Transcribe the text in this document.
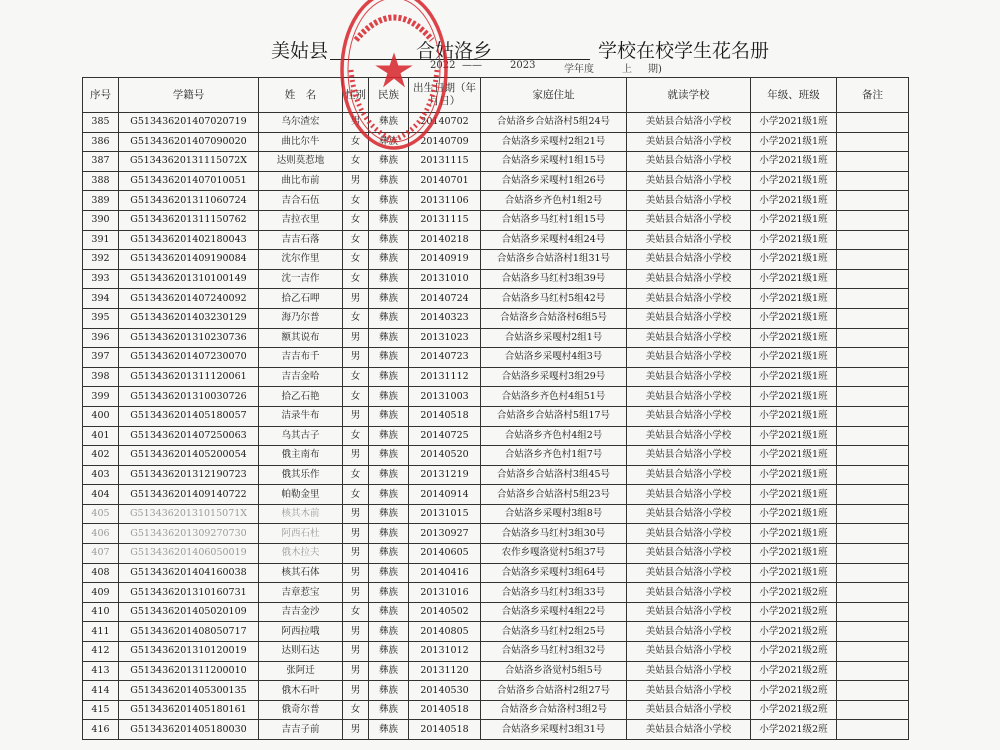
美姑县	合姑洛乡	学校在校学生花名册
2022 ——	2023	学年度	上 期)
序号	学籍号	姓　名	性别	民族	出生日期（年月日）	家庭住址	就读学校	年级、班级	备注
385	G513436201407020719	乌尔渣宏	男	彝族	20140702	合姑洛乡合姑洛村5组24号	美姑县合姑洛小学校	小学2021级1班	
386	G513436201407090020	曲比尔牛	女	彝族	20140709	合姑洛乡采嘎村2组21号	美姑县合姑洛小学校	小学2021级1班	
387	G51343620131115072X	达则莫惹地	女	彝族	20131115	合姑洛乡采嘎村1组15号	美姑县合姑洛小学校	小学2021级1班	
388	G513436201407010051	曲比布前	男	彝族	20140701	合姑洛乡采嘎村1组26号	美姑县合姑洛小学校	小学2021级1班	
389	G513436201311060724	吉合石伍	女	彝族	20131106	合姑洛乡齐色村1组2号	美姑县合姑洛小学校	小学2021级1班	
390	G513436201311150762	吉拉衣里	女	彝族	20131115	合姑洛乡马红村1组15号	美姑县合姑洛小学校	小学2021级1班	
391	G513436201402180043	吉吉石落	女	彝族	20140218	合姑洛乡采嘎村4组24号	美姑县合姑洛小学校	小学2021级1班	
392	G513436201409190084	沈尔作里	女	彝族	20140919	合姑洛乡合姑洛村1组31号	美姑县合姑洛小学校	小学2021级1班	
393	G513436201310100149	沈一吉作	女	彝族	20131010	合姑洛乡马红村3组39号	美姑县合姑洛小学校	小学2021级1班	
394	G513436201407240092	拾乙石呷	男	彝族	20140724	合姑洛乡马红村5组42号	美姑县合姑洛小学校	小学2021级1班	
395	G513436201403230129	海乃尔普	女	彝族	20140323	合姑洛乡合姑洛村6组5号	美姑县合姑洛小学校	小学2021级1班	
396	G513436201310230736	额其说布	男	彝族	20131023	合姑洛乡采嘎村2组1号	美姑县合姑洛小学校	小学2021级1班	
397	G513436201407230070	吉吉布千	男	彝族	20140723	合姑洛乡采嘎村4组3号	美姑县合姑洛小学校	小学2021级1班	
398	G513436201311120061	吉吉金哈	女	彝族	20131112	合姑洛乡采嘎村3组29号	美姑县合姑洛小学校	小学2021级1班	
399	G513436201310030726	拾乙石艳	女	彝族	20131003	合姑洛乡齐色村4组51号	美姑县合姑洛小学校	小学2021级1班	
400	G513436201405180057	洁录牛布	男	彝族	20140518	合姑洛乡合姑洛村5组17号	美姑县合姑洛小学校	小学2021级1班	
401	G513436201407250063	乌其古子	女	彝族	20140725	合姑洛乡齐色村4组2号	美姑县合姑洛小学校	小学2021级1班	
402	G513436201405200054	俄主南布	男	彝族	20140520	合姑洛乡齐色村1组7号	美姑县合姑洛小学校	小学2021级1班	
403	G513436201312190723	俄其乐作	女	彝族	20131219	合姑洛乡合姑洛村3组45号	美姑县合姑洛小学校	小学2021级1班	
404	G513436201409140722	帕勒金里	女	彝族	20140914	合姑洛乡合姑洛村5组23号	美姑县合姑洛小学校	小学2021级1班	
405	G51343620131015071X	核其木前	男	彝族	20131015	合姑洛乡采嘎村3组8号	美姑县合姑洛小学校	小学2021级1班	
406	G513436201309270730	阿西石杜	男	彝族	20130927	合姑洛乡马红村3组30号	美姑县合姑洛小学校	小学2021级1班	
407	G513436201406050019	俄木拉夫	男	彝族	20140605	农作乡嘎洛觉村5组37号	美姑县合姑洛小学校	小学2021级1班	
408	G513436201404160038	核其石体	男	彝族	20140416	合姑洛乡采嘎村3组64号	美姑县合姑洛小学校	小学2021级1班	
409	G513436201310160731	吉章惹宝	男	彝族	20131016	合姑洛乡马红村3组33号	美姑县合姑洛小学校	小学2021级2班	
410	G513436201405020109	吉吉金沙	女	彝族	20140502	合姑洛乡采嘎村4组22号	美姑县合姑洛小学校	小学2021级2班	
411	G513436201408050717	阿西拉哦	男	彝族	20140805	合姑洛乡马红村2组25号	美姑县合姑洛小学校	小学2021级2班	
412	G513436201310120019	达则石达	男	彝族	20131012	合姑洛乡马红村3组32号	美姑县合姑洛小学校	小学2021级2班	
413	G513436201311200010	张阿迁	男	彝族	20131120	合姑洛乡洛觉村5组5号	美姑县合姑洛小学校	小学2021级2班	
414	G513436201405300135	俄木石叶	男	彝族	20140530	合姑洛乡合姑洛村2组27号	美姑县合姑洛小学校	小学2021级2班	
415	G513436201405180161	俄奇尔普	女	彝族	20140518	合姑洛乡合姑洛村3组2号	美姑县合姑洛小学校	小学2021级2班	
416	G513436201405180030	吉吉子前	男	彝族	20140518	合姑洛乡采嘎村3组31号	美姑县合姑洛小学校	小学2021级2班	
